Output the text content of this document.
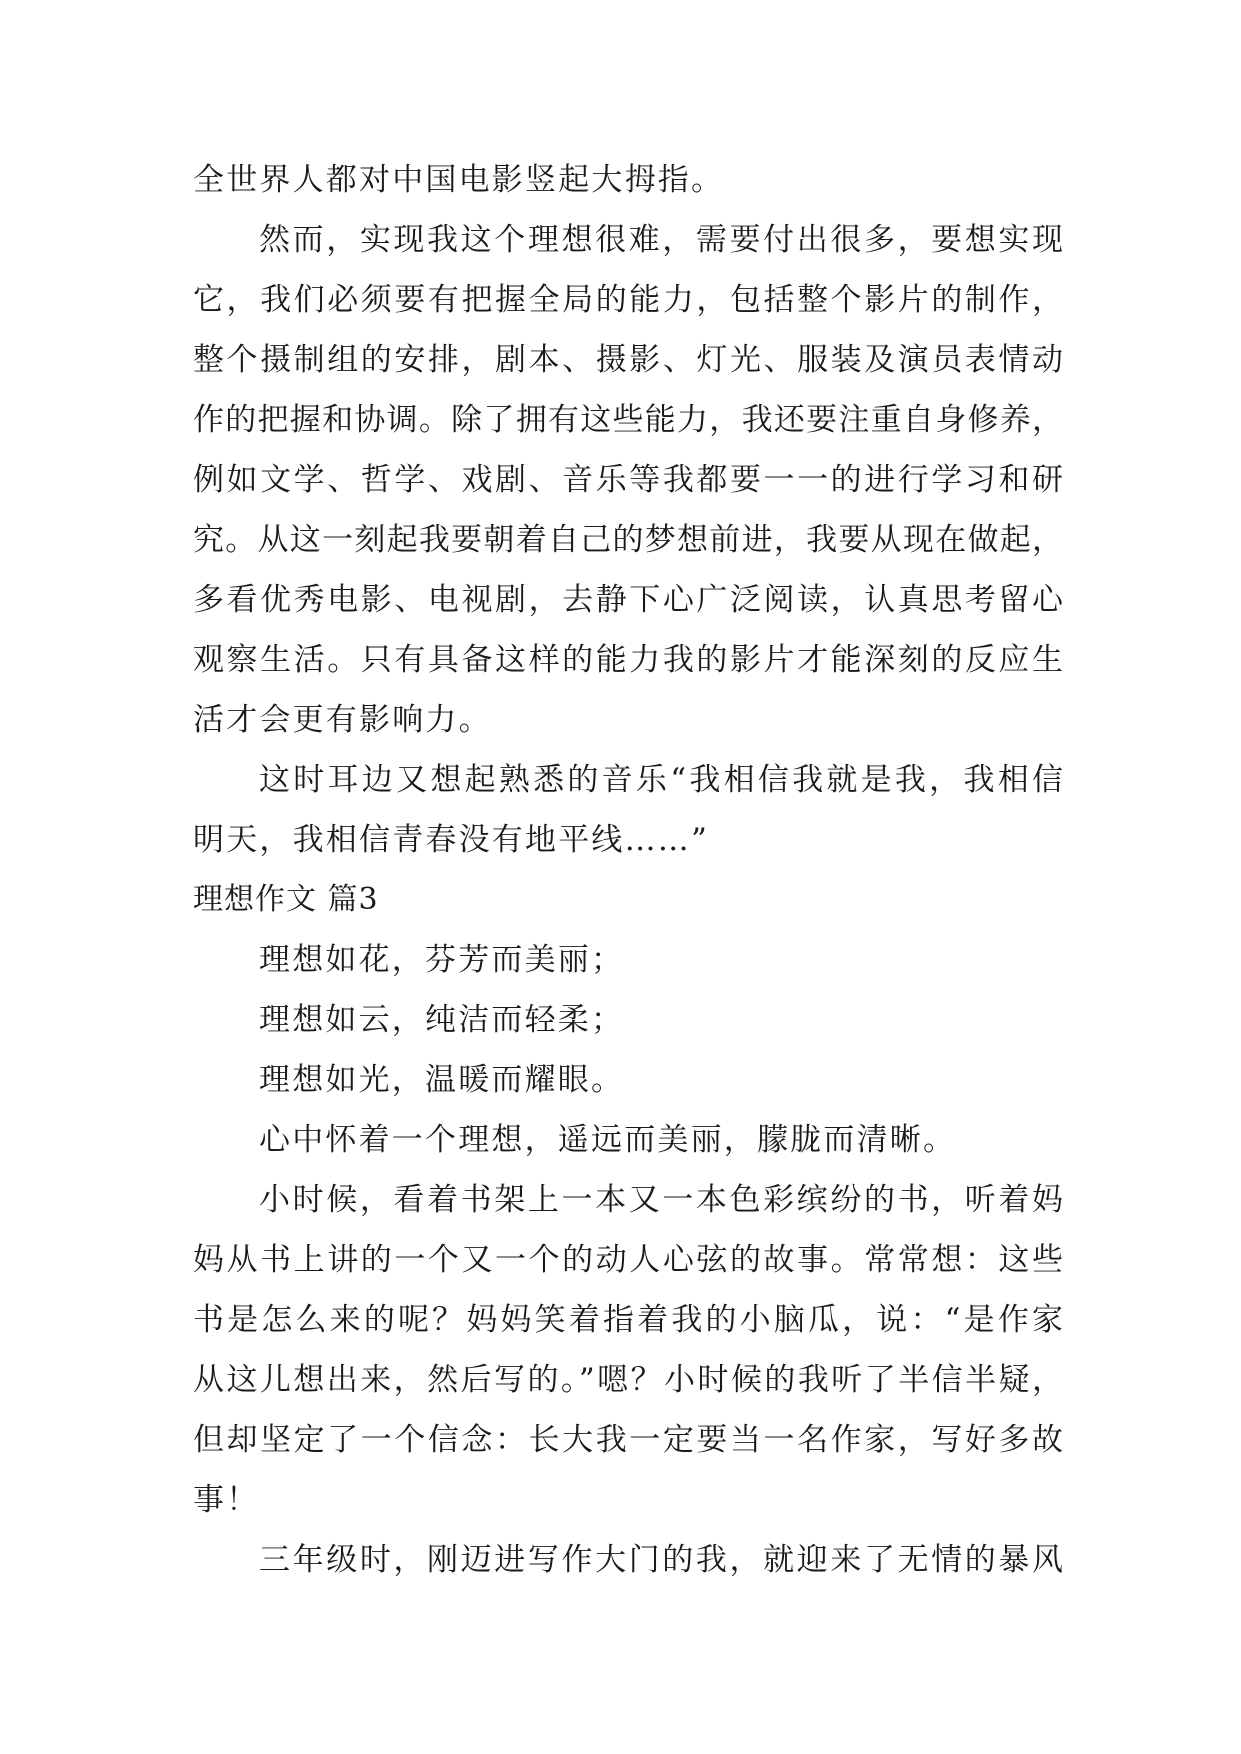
全世界人都对中国电影竖起大拇指。
然而，实现我这个理想很难，需要付出很多，要想实现
它，我们必须要有把握全局的能力，包括整个影片的制作，
整个摄制组的安排，剧本、摄影、灯光、服装及演员表情动
作的把握和协调。除了拥有这些能力，我还要注重自身修养，
例如文学、哲学、戏剧、音乐等我都要一一的进行学习和研
究。从这一刻起我要朝着自己的梦想前进，我要从现在做起，
多看优秀电影、电视剧，去静下心广泛阅读，认真思考留心
观察生活。只有具备这样的能力我的影片才能深刻的反应生
活才会更有影响力。
这时耳边又想起熟悉的音乐“我相信我就是我，我相信
明天，我相信青春没有地平线……”
理想作文 篇3
理想如花，芬芳而美丽；
理想如云，纯洁而轻柔；
理想如光，温暖而耀眼。
心中怀着一个理想，遥远而美丽，朦胧而清晰。
小时候，看着书架上一本又一本色彩缤纷的书，听着妈
妈从书上讲的一个又一个的动人心弦的故事。常常想：这些
书是怎么来的呢？妈妈笑着指着我的小脑瓜，说：“是作家
从这儿想出来，然后写的。”嗯？小时候的我听了半信半疑，
但却坚定了一个信念：长大我一定要当一名作家，写好多故
事！
三年级时，刚迈进写作大门的我，就迎来了无情的暴风
